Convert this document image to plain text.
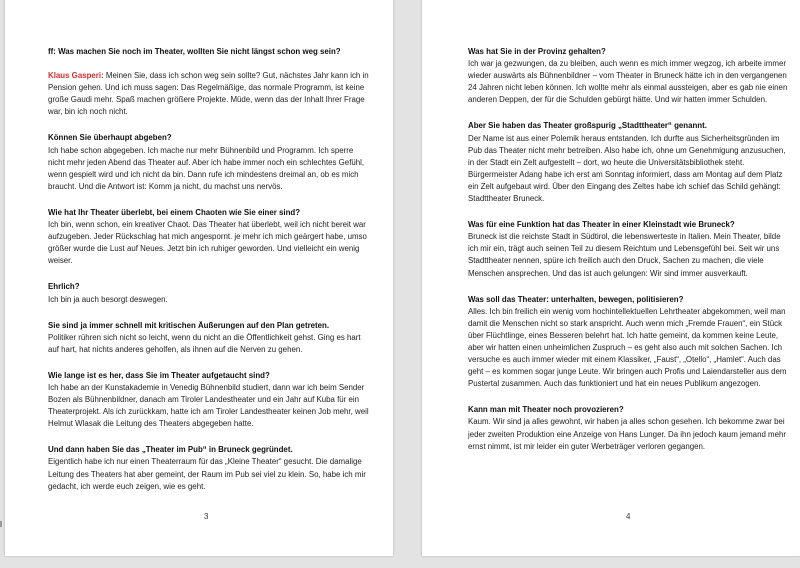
ff: Was machen Sie noch im Theater, wollten Sie nicht längst schon weg sein?
Klaus Gasperi: Meinen Sie, dass ich schon weg sein sollte? Gut, nächstes Jahr kann ich in Pension gehen. Und ich muss sagen: Das Regelmäßige, das normale Programm, ist keine große Gaudi mehr. Spaß machen größere Projekte. Müde, wenn das der Inhalt Ihrer Frage war, bin ich noch nicht.
Können Sie überhaupt abgeben?
Ich habe schon abgegeben. Ich mache nur mehr Bühnenbild und Programm. Ich sperre nicht mehr jeden Abend das Theater auf. Aber ich habe immer noch ein schlechtes Gefühl, wenn gespielt wird und ich nicht da bin. Dann rufe ich mindestens dreimal an, ob es mich braucht. Und die Antwort ist: Komm ja nicht, du machst uns nervös.
Wie hat Ihr Theater überlebt, bei einem Chaoten wie Sie einer sind?
Ich bin, wenn schon, ein kreativer Chaot. Das Theater hat überlebt, weil ich nicht bereit war aufzugeben. Jeder Rückschlag hat mich angespornt. je mehr ich mich geärgert habe, umso größer wurde die Lust auf Neues. Jetzt bin ich ruhiger geworden. Und vielleicht ein wenig weiser.
Ehrlich?
Ich bin ja auch besorgt deswegen.
Sie sind ja immer schnell mit kritischen Äußerungen auf den Plan getreten.
Politiker rühren sich nicht so leicht, wenn du nicht an die Öffentlichkeit gehst. Ging es hart auf hart, hat nichts anderes geholfen, als ihnen auf die Nerven zu gehen.
Wie lange ist es her, dass Sie im Theater aufgetaucht sind?
Ich habe an der Kunstakademie in Venedig Bühnenbild studiert, dann war ich beim Sender Bozen als Bühnenbildner, danach am Tiroler Landestheater und ein Jahr auf Kuba für ein Theaterprojekt. Als ich zurückkam, hatte ich am Tiroler Landestheater keinen Job mehr, weil Helmut Wlasak die Leitung des Theaters abgegeben hatte.
Und dann haben Sie das „Theater im Pub“ in Bruneck gegründet.
Eigentlich habe ich nur einen Theaterraum für das „Kleine Theater“ gesucht. Die damalige Leitung des Theaters hat aber gemeint, der Raum im Pub sei viel zu klein. So, habe ich mir gedacht, ich werde euch zeigen, wie es geht.
3
Was hat Sie in der Provinz gehalten?
Ich war ja gezwungen, da zu bleiben, auch wenn es mich immer wegzog, ich arbeite immer wieder auswärts als Bühnenbildner – vom Theater in Bruneck hätte ich in den vergangenen 24 Jahren nicht leben können. Ich wollte mehr als einmal aussteigen, aber es gab nie einen anderen Deppen, der für die Schulden gebürgt hätte. Und wir hatten immer Schulden.
Aber Sie haben das Theater großspurig „Stadttheater“ genannt.
Der Name ist aus einer Polemik heraus entstanden. Ich durfte aus Sicherheitsgründen im Pub das Theater nicht mehr betreiben. Also habe ich, ohne um Genehmigung anzusuchen, in der Stadt ein Zelt aufgestellt – dort, wo heute die Universitätsbibliothek steht. Bürgermeister Adang habe ich erst am Sonntag informiert, dass am Montag auf dem Platz ein Zelt aufgebaut wird. Über den Eingang des Zeltes habe ich schief das Schild gehängt: Stadttheater Bruneck.
Was für eine Funktion hat das Theater in einer Kleinstadt wie Bruneck?
Bruneck ist die reichste Stadt in Südtirol, die lebenswerteste in Italien. Mein Theater, bilde ich mir ein, trägt auch seinen Teil zu diesem Reichtum und Lebensgefühl bei. Seit wir uns Stadttheater nennen, spüre ich freilich auch den Druck, Sachen zu machen, die viele Menschen ansprechen. Und das ist auch gelungen: Wir sind immer ausverkauft.
Was soll das Theater: unterhalten, bewegen, politisieren?
Alles. Ich bin freilich ein wenig vom hochintellektuellen Lehrtheater abgekommen, weil man damit die Menschen nicht so stark anspricht. Auch wenn mich „Fremde Frauen“, ein Stück über Flüchtlinge, eines Besseren belehrt hat. Ich hatte gemeint, da kommen keine Leute, aber wir hatten einen unheimlichen Zuspruch – es geht also auch mit solchen Sachen. Ich versuche es auch immer wieder mit einem Klassiker, „Faust“, „Otello“, „Hamlet“. Auch das geht – es kommen sogar junge Leute. Wir bringen auch Profis und Laiendarsteller aus dem Pustertal zusammen. Auch das funktioniert und hat ein neues Publikum angezogen.
Kann man mit Theater noch provozieren?
Kaum. Wir sind ja alles gewohnt, wir haben ja alles schon gesehen. Ich bekomme zwar bei jeder zweiten Produktion eine Anzeige von Hans Lunger. Da ihn jedoch kaum jemand mehr ernst nimmt, ist mir leider ein guter Werbeträger verloren gegangen.
4
